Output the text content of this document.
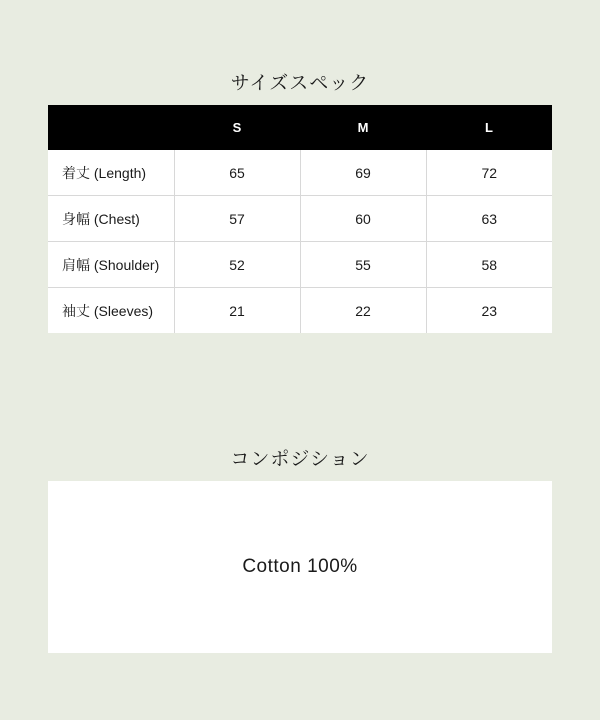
サイズスペック
	S	M	L
着丈 (Length)	65	69	72
身幅 (Chest)	57	60	63
肩幅 (Shoulder)	52	55	58
袖丈 (Sleeves)	21	22	23
コンポジション
Cotton 100%
